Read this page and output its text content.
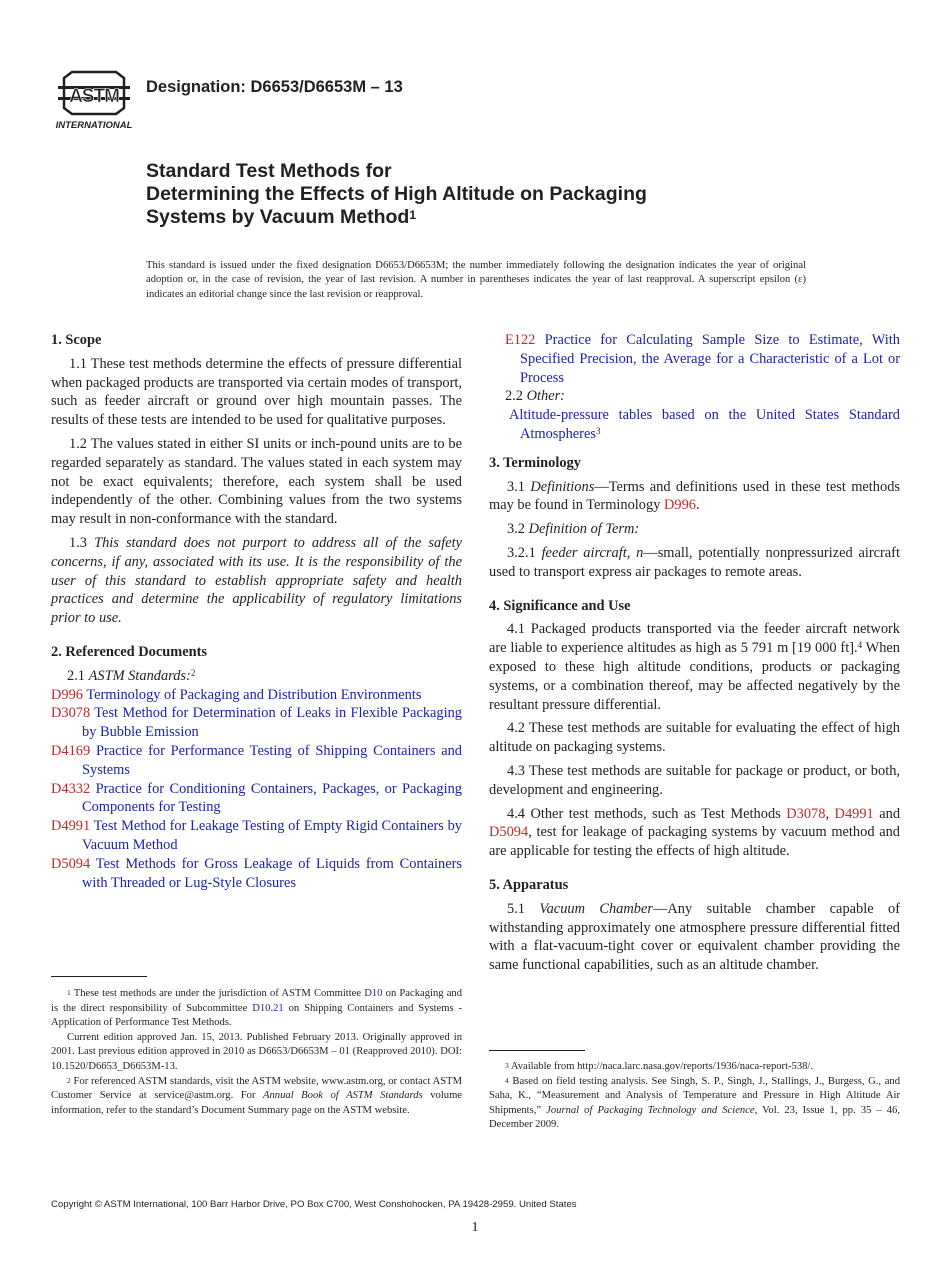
ASTM
INTERNATIONAL
Designation: D6653/D6653M – 13
Standard Test Methods for
Determining the Effects of High Altitude on Packaging
Systems by Vacuum Method$^1$
This standard is issued under the fixed designation D6653/D6653M; the number immediately following the designation indicates the year of original adoption or, in the case of revision, the year of last revision. A number in parentheses indicates the year of last reapproval. A superscript epsilon (ε) indicates an editorial change since the last revision or reapproval.
1. Scope

1.1 These test methods determine the effects of pressure differential when packaged products are transported via certain modes of transport, such as feeder aircraft or ground over high mountain passes. The results of these tests are intended to be used for qualitative purposes.

1.2 The values stated in either SI units or inch-pound units are to be regarded separately as standard. The values stated in each system may not be exact equivalents; therefore, each system shall be used independently of the other. Combining values from the two systems may result in non-conformance with the standard.

1.3 This standard does not purport to address all of the safety concerns, if any, associated with its use. It is the responsibility of the user of this standard to establish appropriate safety and health practices and determine the applicability of regulatory limitations prior to use.

2. Referenced Documents

2.1 ASTM Standards:$^2$

D996 Terminology of Packaging and Distribution Environments

D3078 Test Method for Determination of Leaks in Flexible Packaging by Bubble Emission

D4169 Practice for Performance Testing of Shipping Containers and Systems

D4332 Practice for Conditioning Containers, Packages, or Packaging Components for Testing

D4991 Test Method for Leakage Testing of Empty Rigid Containers by Vacuum Method

D5094 Test Methods for Gross Leakage of Liquids from Containers with Threaded or Lug-Style Closures

E122 Practice for Calculating Sample Size to Estimate, With Specified Precision, the Average for a Characteristic of a Lot or Process

2.2 Other:

Altitude-pressure tables based on the United States Standard Atmospheres$^3$

3. Terminology

3.1 Definitions—Terms and definitions used in these test methods may be found in Terminology D996.

3.2 Definition of Term:

3.2.1 feeder aircraft, n—small, potentially nonpressurized aircraft used to transport express air packages to remote areas.

4. Significance and Use

4.1 Packaged products transported via the feeder aircraft network are liable to experience altitudes as high as 5 791 m [19 000 ft].$^4$ When exposed to these high altitude conditions, products or packaging systems, or a combination thereof, may be affected negatively by the resultant pressure differential.

4.2 These test methods are suitable for evaluating the effect of high altitude on packaging systems.

4.3 These test methods are suitable for package or product, or both, development and engineering.

4.4 Other test methods, such as Test Methods D3078, D4991 and D5094, test for leakage of packaging systems by vacuum method and are applicable for testing the effects of high altitude.

5. Apparatus

5.1 Vacuum Chamber—Any suitable chamber capable of withstanding approximately one atmosphere pressure differential fitted with a flat-vacuum-tight cover or equivalent chamber providing the same functional capabilities, such as an altitude chamber.

$^1$ These test methods are under the jurisdiction of ASTM Committee D10 on Packaging and is the direct responsibility of Subcommittee D10.21 on Shipping Containers and Systems - Application of Performance Test Methods.

Current edition approved Jan. 15, 2013. Published February 2013. Originally approved in 2001. Last previous edition approved in 2010 as D6653/D6653M – 01 (Reapproved 2010). DOI: 10.1520/D6653_D6653M-13.

$^2$ For referenced ASTM standards, visit the ASTM website, www.astm.org, or contact ASTM Customer Service at service@astm.org. For Annual Book of ASTM Standards volume information, refer to the standard’s Document Summary page on the ASTM website.

$^3$ Available from http://naca.larc.nasa.gov/reports/1936/naca-report-538/.

$^4$ Based on field testing analysis. See Singh, S. P., Singh, J., Stallings, J., Burgess, G., and Saha, K., “Measurement and Analysis of Temperature and Pressure in High Altitude Air Shipments,” Journal of Packaging Technology and Science, Vol. 23, Issue 1, pp. 35 – 46, December 2009.

Copyright © ASTM International, 100 Barr Harbor Drive, PO Box C700, West Conshohocken, PA 19428-2959. United States
1
